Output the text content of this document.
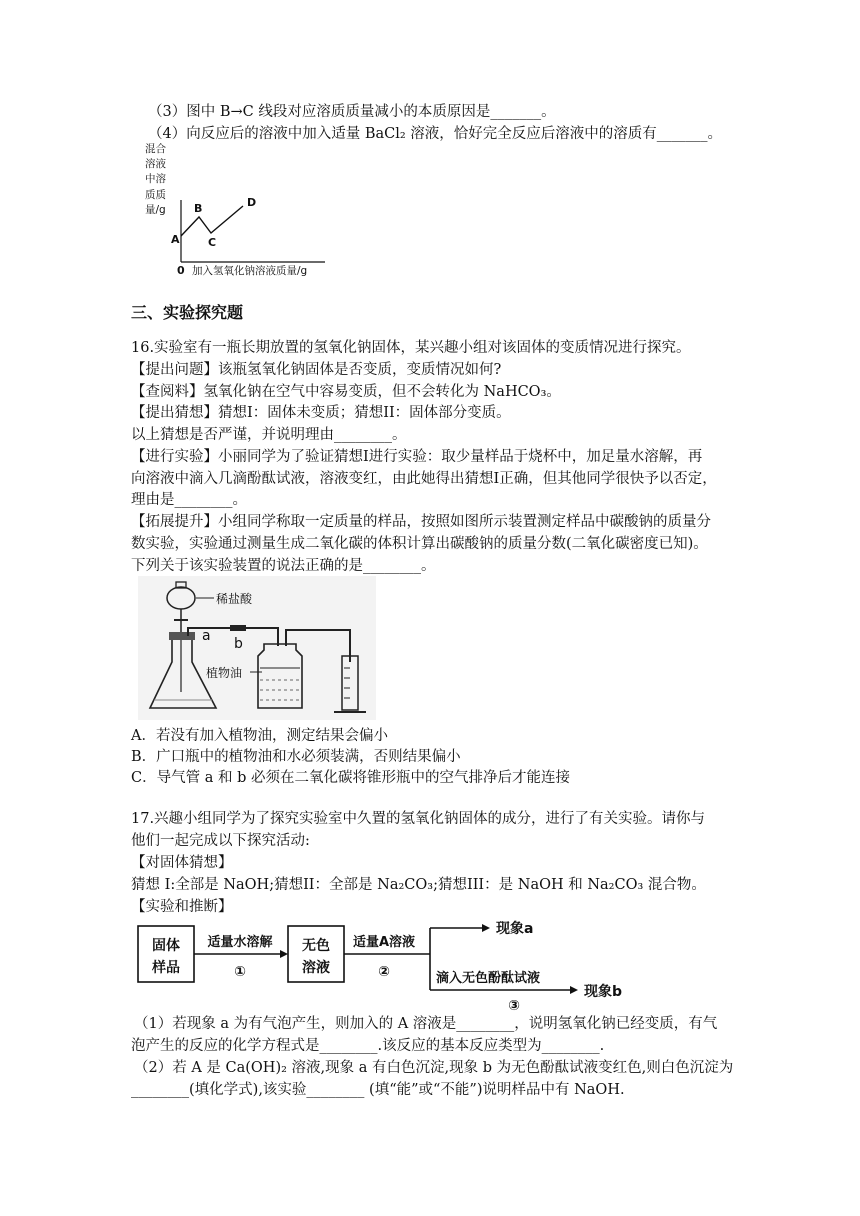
（3）图中 B→C 线段对应溶质质量减小的本质原因是_______。
（4）向反应后的溶液中加入适量 BaCl₂ 溶液，恰好完全反应后溶液中的溶质有_______。
混合
溶液
中溶
质质
量/g
A
B
C
D
0 加入氢氧化钠溶液质量/g
三、实验探究题
16.实验室有一瓶长期放置的氢氧化钠固体，某兴趣小组对该固体的变质情况进行探究。
【提出问题】该瓶氢氧化钠固体是否变质，变质情况如何?
【查阅料】氢氧化钠在空气中容易变质，但不会转化为 NaHCO₃。
【提出猜想】猜想I：固体未变质；猜想II：固体部分变质。
以上猜想是否严谨，并说明理由________。
【进行实验】小丽同学为了验证猜想I进行实验：取少量样品于烧杯中，加足量水溶解，再
向溶液中滴入几滴酚酞试液，溶液变红，由此她得出猜想I正确，但其他同学很快予以否定，
理由是________。
【拓展提升】小组同学称取一定质量的样品，按照如图所示装置测定样品中碳酸钠的质量分
数实验，实验通过测量生成二氧化碳的体积计算出碳酸钠的质量分数(二氧化碳密度已知)。
下列关于该实验装置的说法正确的是________。
稀盐酸
a b
植物油
A．若没有加入植物油，测定结果会偏小
B．广口瓶中的植物油和水必须装满，否则结果偏小
C．导气管 a 和 b 必须在二氧化碳将锥形瓶中的空气排净后才能连接
17.兴趣小组同学为了探究实验室中久置的氢氧化钠固体的成分，进行了有关实验。请你与
他们一起完成以下探究活动:
【对固体猜想】
猜想 I:全部是 NaOH;猜想II：全部是 Na₂CO₃;猜想III：是 NaOH 和 Na₂CO₃ 混合物。
【实验和推断】
固体
样品
适量水溶解
①
无色
溶液
适量A溶液
②
现象a
滴入无色酚酞试液
③
现象b
（1）若现象 a 为有气泡产生，则加入的 A 溶液是________，说明氢氧化钠已经变质，有气
泡产生的反应的化学方程式是________.该反应的基本反应类型为________.
（2）若 A 是 Ca(OH)₂ 溶液,现象 a 有白色沉淀,现象 b 为无色酚酞试液变红色,则白色沉淀为
________(填化学式),该实验________ (填“能”或“不能”)说明样品中有 NaOH.
